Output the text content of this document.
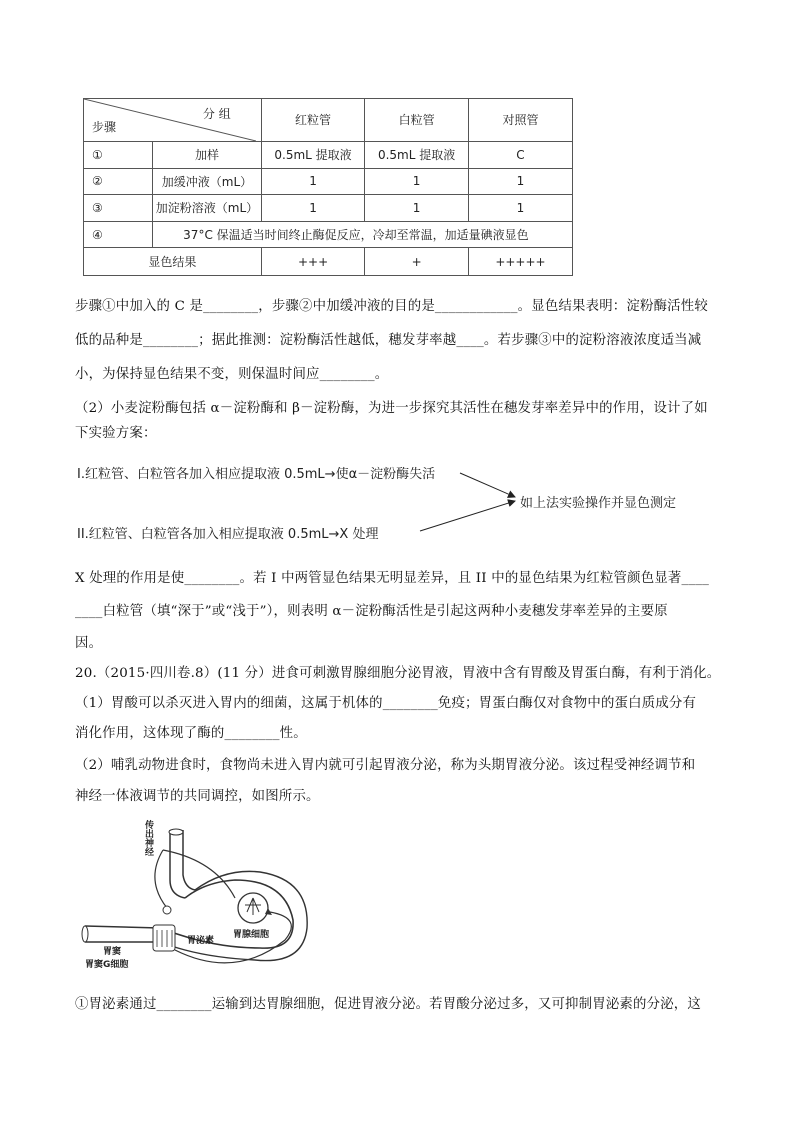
分 组
步骤		红粒管	白粒管	对照管
①	加样	0.5mL 提取液	0.5mL 提取液	C
②	加缓冲液（mL）	1	1	1
③	加淀粉溶液（mL）	1	1	1
④	37°C 保温适当时间终止酶促反应，冷却至常温，加适量碘液显色			
显色结果		+++	+	+++++
步骤①中加入的 C 是________，步骤②中加缓冲液的目的是____________。显色结果表明：淀粉酶活性较
低的品种是________；据此推测：淀粉酶活性越低，穗发芽率越____。若步骤③中的淀粉溶液浓度适当减
小，为保持显色结果不变，则保温时间应________。
（2）小麦淀粉酶包括 α－淀粉酶和 β－淀粉酶，为进一步探究其活性在穗发芽率差异中的作用，设计了如
下实验方案：
I.红粒管、白粒管各加入相应提取液 0.5mL→使α－淀粉酶失活
II.红粒管、白粒管各加入相应提取液 0.5mL→X 处理
如上法实验操作并显色测定
X 处理的作用是使________。若 I 中两管显色结果无明显差异，且 II 中的显色结果为红粒管颜色显著____
____白粒管（填“深于”或“浅于”），则表明 α－淀粉酶活性是引起这两种小麦穗发芽率差异的主要原
因。
20.（2015·四川卷.8）(11 分）进食可刺激胃腺细胞分泌胃液，胃液中含有胃酸及胃蛋白酶，有利于消化。
（1）胃酸可以杀灭进入胃内的细菌，这属于机体的________免疫；胃蛋白酶仅对食物中的蛋白质成分有
消化作用，这体现了酶的________性。
（2）哺乳动物进食时，食物尚未进入胃内就可引起胃液分泌，称为头期胃液分泌。该过程受神经调节和
神经一体液调节的共同调控，如图所示。
传出神经
胃腺细胞
胃泌素
胃窦
胃窦G细胞
①胃泌素通过________运输到达胃腺细胞，促进胃液分泌。若胃酸分泌过多，又可抑制胃泌素的分泌，这
